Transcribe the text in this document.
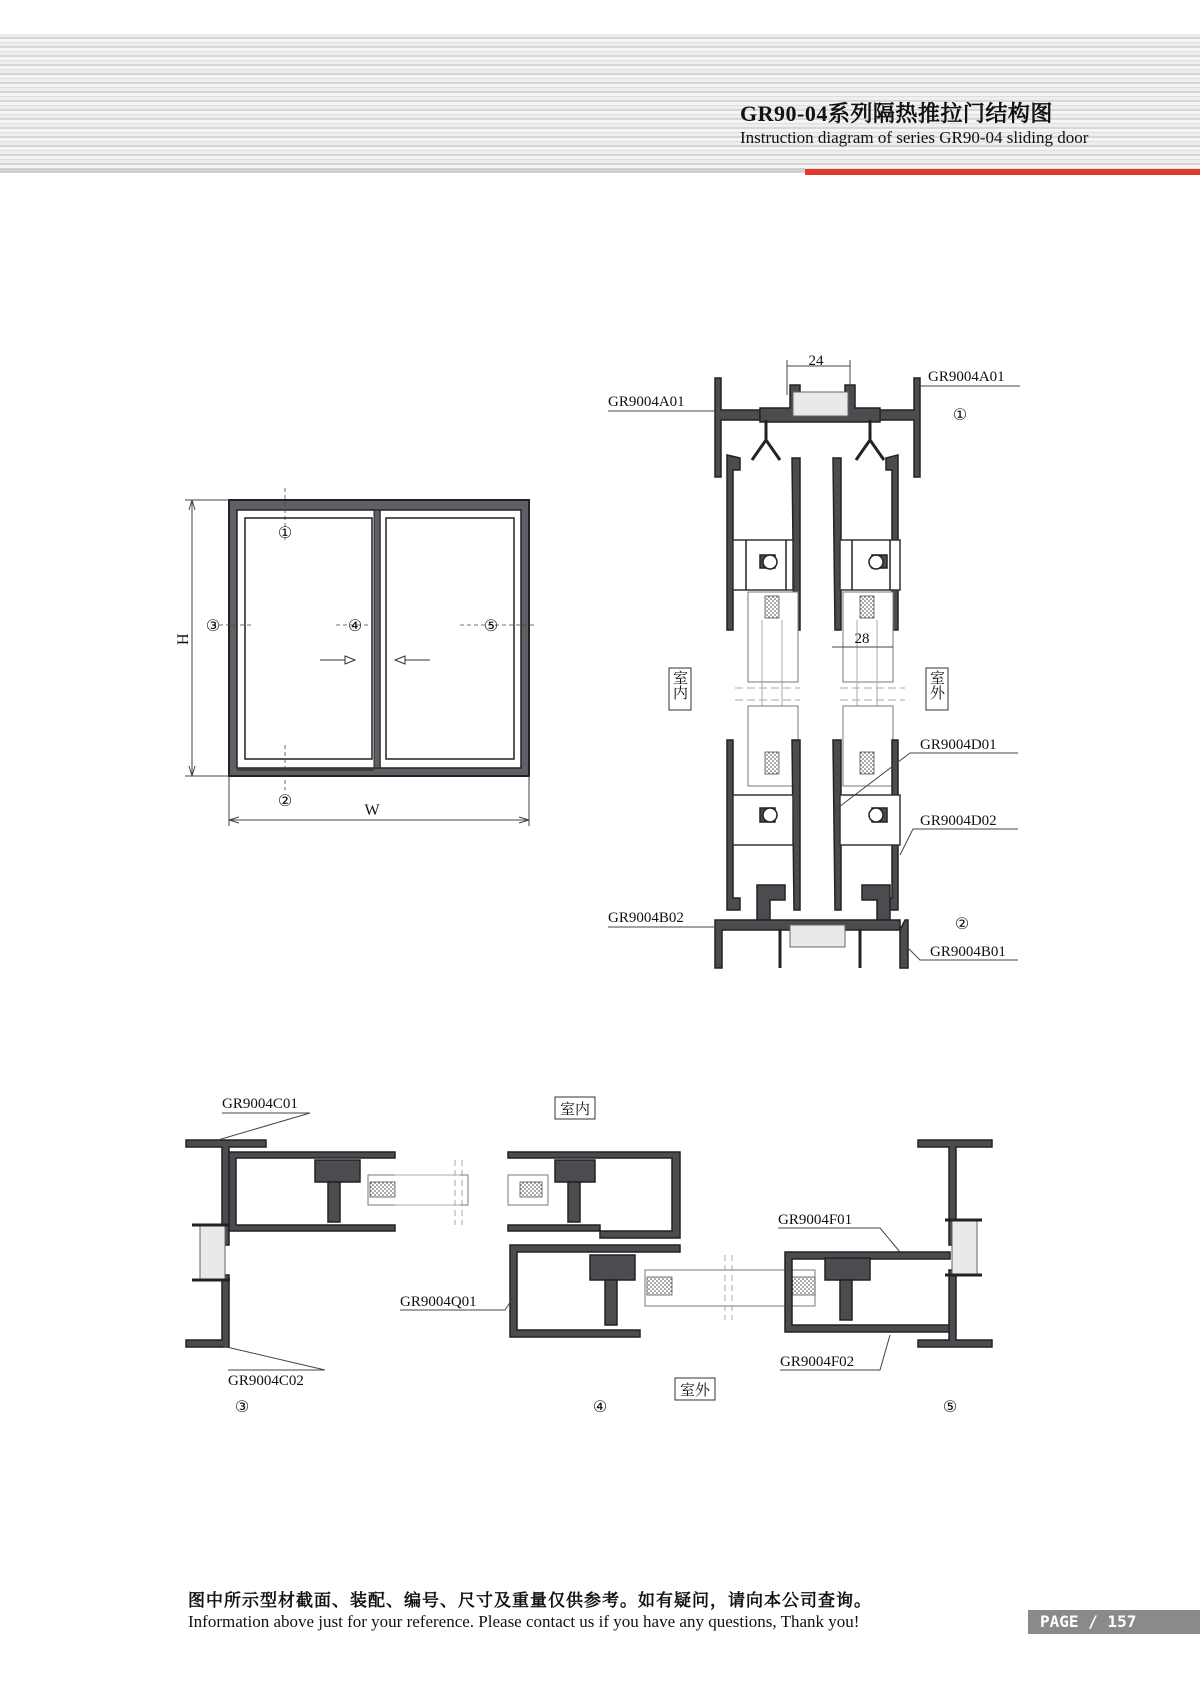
GR90-04系列隔热推拉门结构图
Instruction diagram of series GR90-04 sliding door
H
W
①
②
③	④	⑤
24
28
GR9004A01
GR9004A01
GR9004D01
GR9004D02
GR9004B02
GR9004B01
①
②
室内	室外
GR9004C01
GR9004C02
GR9004Q01
GR9004F01
GR9004F02
室内
室外
③	④	⑤
图中所示型材截面、装配、编号、尺寸及重量仅供参考。如有疑问，请向本公司查询。
Information above just for your reference. Please contact us if you have any questions, Thank you!	PAGE / 157
